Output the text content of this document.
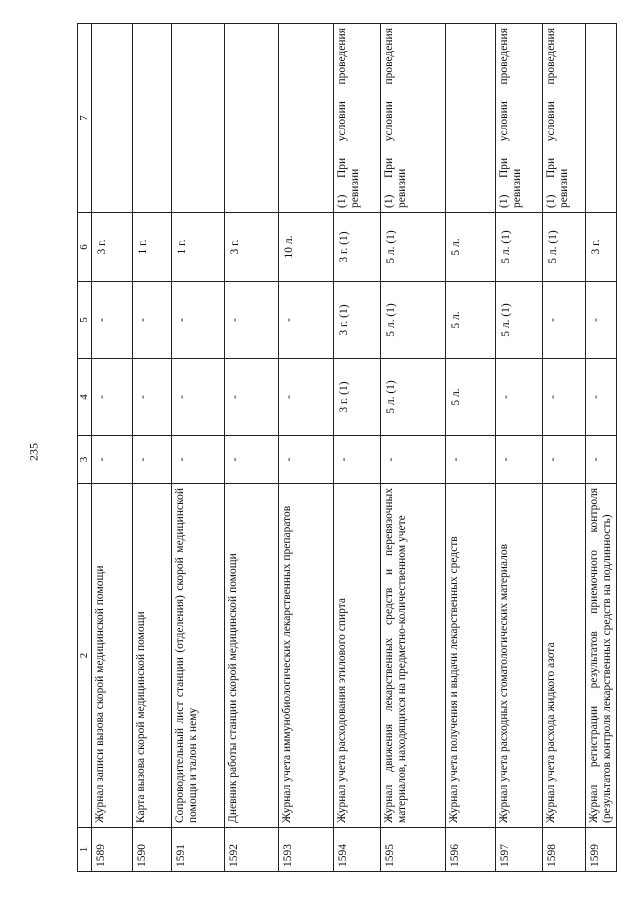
235
1	2	3	4	5	6	7
1589	Журнал записи вызова скорой медицинской помощи	-	-	-	3 г.	
1590	Карта вызова скорой медицинской помощи	-	-	-	1 г.	
1591	Сопроводительный лист станции (отделения) скорой медицинской помощи и талон к нему	-	-	-	1 г.	
1592	Дневник работы станции скорой медицинской помощи	-	-	-	3 г.	
1593	Журнал учета иммунобиологических лекарственных препаратов	-	-	-	10 л.	
1594	Журнал учета расходования этилового спирта	-	3 г. (1)	3 г. (1)	3 г. (1)	(1) При условии проведения ревизии
1595	Журнал движения лекарственных средств и перевязочных материалов, находящихся на предметно-количественном учете	-	5 л. (1)	5 л. (1)	5 л. (1)	(1) При условии проведения ревизии
1596	Журнал учета получения и выдачи лекарственных средств	-	5 л.	5 л.	5 л.	
1597	Журнал учета расходных стоматологических материалов	-	-	5 л. (1)	5 л. (1)	(1) При условии проведения ревизии
1598	Журнал учета расхода жидкого азота	-	-	-	5 л. (1)	(1) При условии проведения ревизии
1599	Журнал регистрации результатов приемочного контроля (результатов контроля лекарственных средств на подлинность)	-	-	-	3 г.	
